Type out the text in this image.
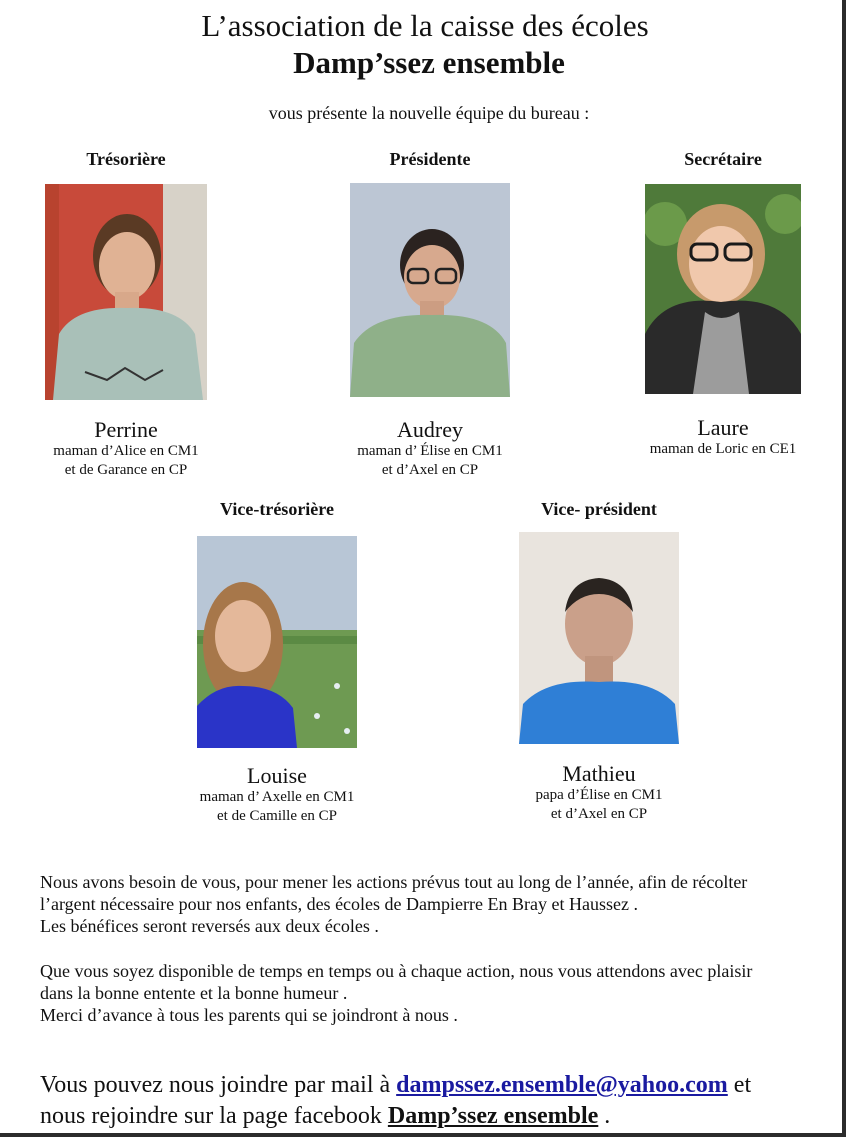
L’association de la caisse des écoles
Damp’ssez ensemble
vous présente la nouvelle équipe du bureau :
Trésorière
Perrine
maman d’Alice en CM1
et de Garance en CP
Présidente
Audrey
maman d’ Élise en CM1
et d’Axel en CP
Secrétaire
Laure
maman de Loric en CE1
Vice-trésorière
Louise
maman d’ Axelle en CM1
et de Camille en CP
Vice- président
Mathieu
papa d’Élise en CM1
et d’Axel en CP
Nous avons besoin de vous, pour mener les actions prévus tout au long de l’année, afin de récolter
l’argent nécessaire pour nos enfants, des écoles de Dampierre En Bray et Haussez .
Les bénéfices seront reversés aux deux écoles .
Que vous soyez disponible de temps en temps ou à chaque action, nous vous attendons avec plaisir
dans la bonne entente et la bonne humeur .
Merci d’avance à tous les parents qui se joindront à nous .
Vous pouvez nous joindre par mail à dampssez.ensemble@yahoo.com et
nous rejoindre sur la page facebook Damp’ssez ensemble .
